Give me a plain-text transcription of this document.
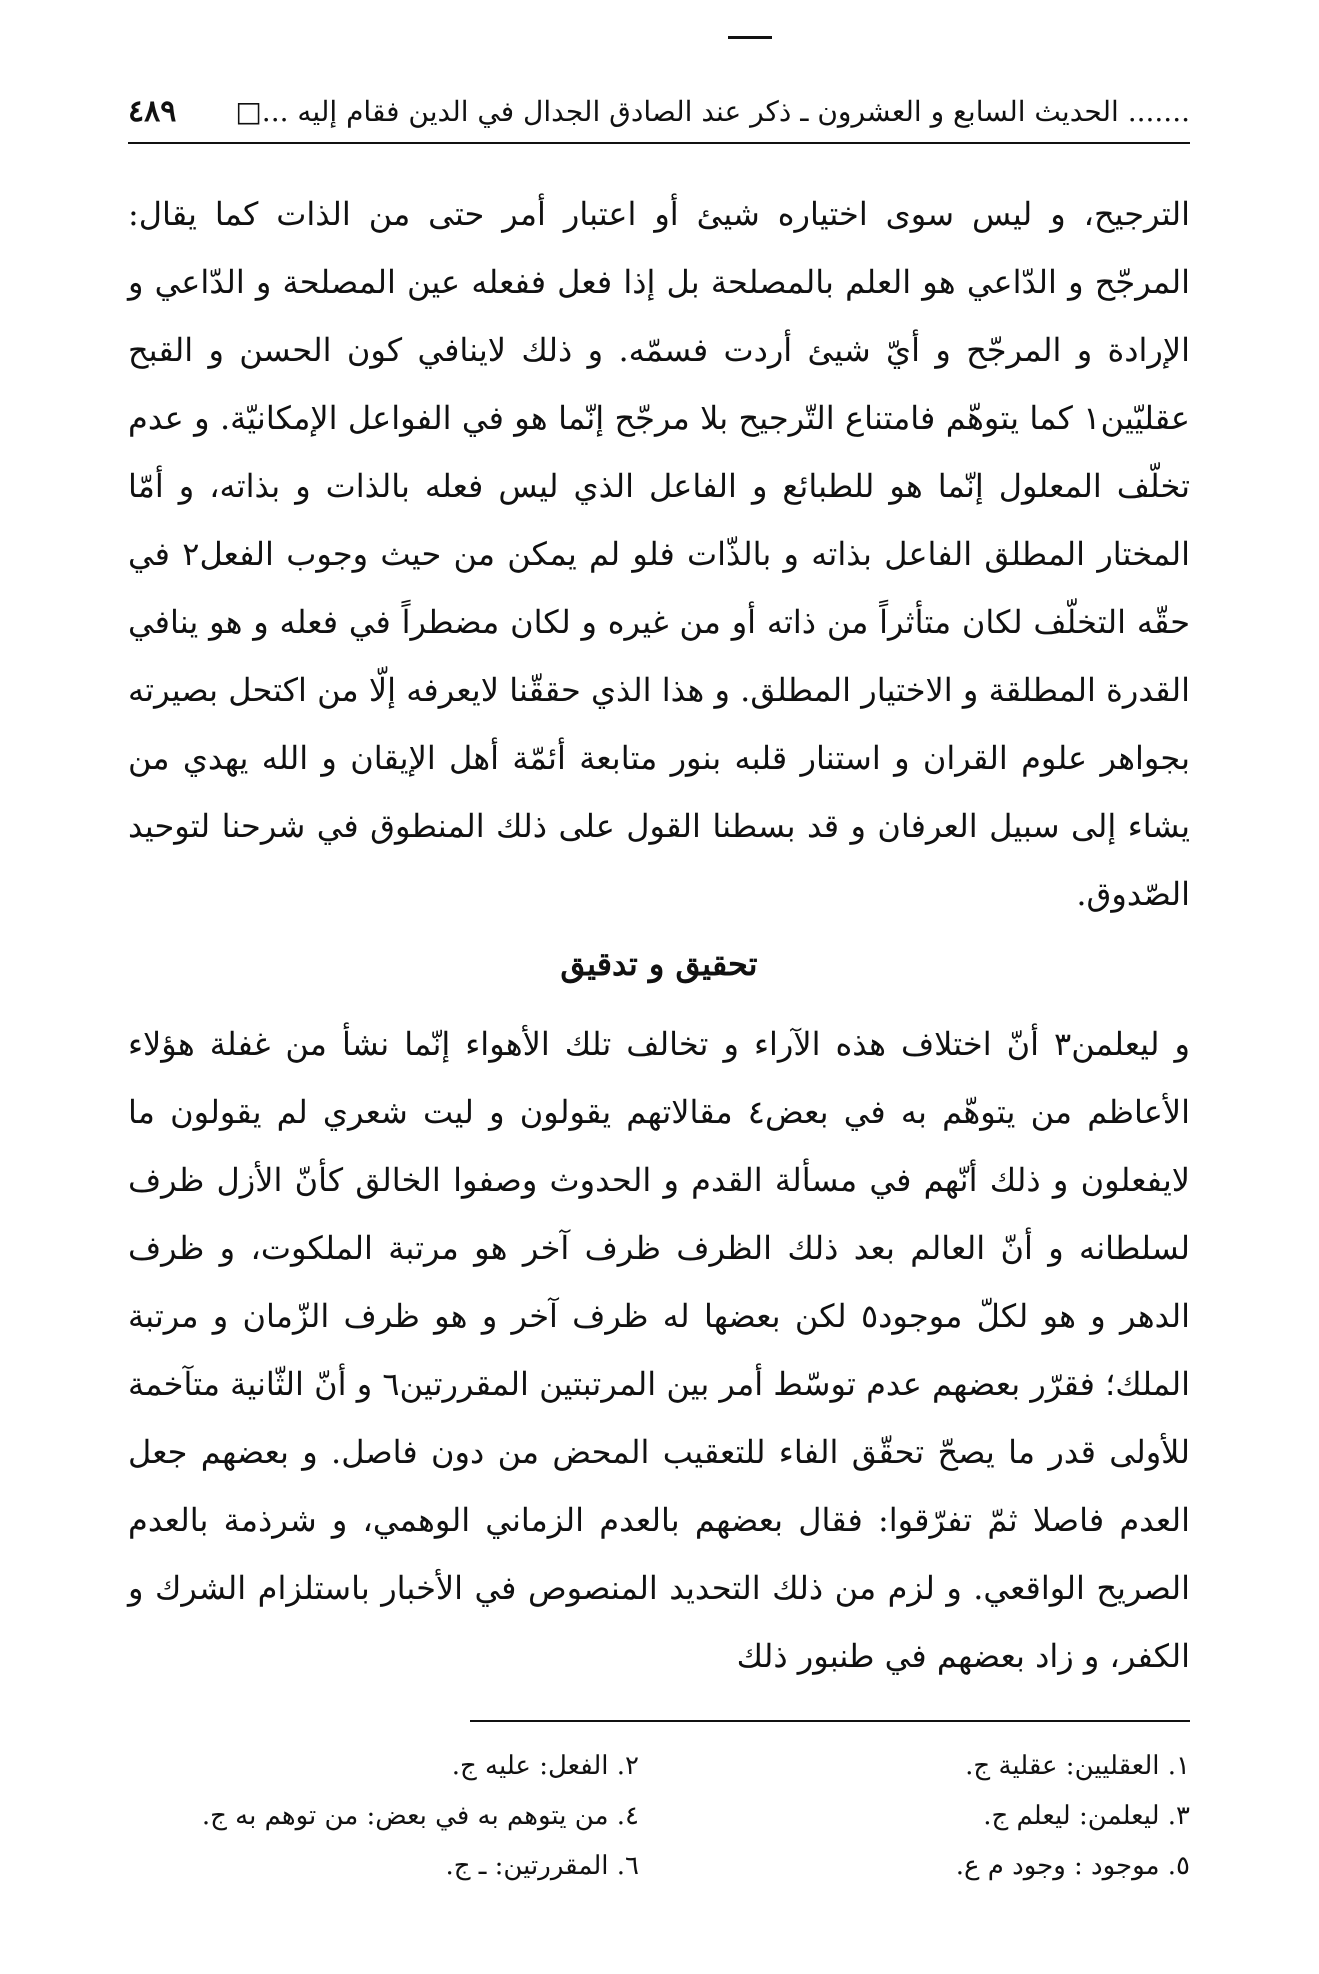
....... الحديث السابع و العشرون ـ ذكر عند الصادق الجدال في الدين فقام إليه ...□
٤٨٩

الترجيح، و ليس سوى اختياره شيئ أو اعتبار أمر حتى من الذات كما يقال: المرجّح و الدّاعي هو العلم بالمصلحة بل إذا فعل ففعله عين المصلحة و الدّاعي و الإرادة و المرجّح و أيّ شيئ أردت فسمّه. و ذلك لاينافي كون الحسن و القبح عقليّين١ كما يتوهّم فامتناع التّرجيح بلا مرجّح إنّما هو في الفواعل الإمكانيّة. و عدم تخلّف المعلول إنّما هو للطبائع و الفاعل الذي ليس فعله بالذات و بذاته، و أمّا المختار المطلق الفاعل بذاته و بالذّات فلو لم يمكن من حيث وجوب الفعل٢ في حقّه التخلّف لكان متأثراً من ذاته أو من غيره و لكان مضطراً في فعله و هو ينافي القدرة المطلقة و الاختيار المطلق. و هذا الذي حققّنا لايعرفه إلّا من اكتحل بصيرته بجواهر علوم القران و استنار قلبه بنور متابعة أئمّة أهل الإيقان و الله يهدي من يشاء إلى سبيل العرفان و قد بسطنا القول على ذلك المنطوق في شرحنا لتوحيد الصّدوق.

تحقيق و تدقيق

و ليعلمن٣ أنّ اختلاف هذه الآراء و تخالف تلك الأهواء إنّما نشأ من غفلة هؤلاء الأعاظم من يتوهّم به في بعض٤ مقالاتهم يقولون و ليت شعري لم يقولون ما لايفعلون و ذلك أنّهم في مسألة القدم و الحدوث وصفوا الخالق كأنّ الأزل ظرف لسلطانه و أنّ العالم بعد ذلك الظرف ظرف آخر هو مرتبة الملكوت، و ظرف الدهر و هو لكلّ موجود٥ لكن بعضها له ظرف آخر و هو ظرف الزّمان و مرتبة الملك؛ فقرّر بعضهم عدم توسّط أمر بين المرتبتين المقررتين٦ و أنّ الثّانية متآخمة للأولى قدر ما يصحّ تحقّق الفاء للتعقيب المحض من دون فاصل. و بعضهم جعل العدم فاصلا ثمّ تفرّقوا: فقال بعضهم بالعدم الزماني الوهمي، و شرذمة بالعدم الصريح الواقعي. و لزم من ذلك التحديد المنصوص في الأخبار باستلزام الشرك و الكفر، و زاد بعضهم في طنبور ذلك

١. العقليين: عقلية ج.
٢. الفعل: عليه ج.
٣. ليعلمن: ليعلم ج.
٤. من يتوهم به في بعض: من توهم به ج.
٥. موجود : وجود م ع.
٦. المقررتين: ـ ج.
